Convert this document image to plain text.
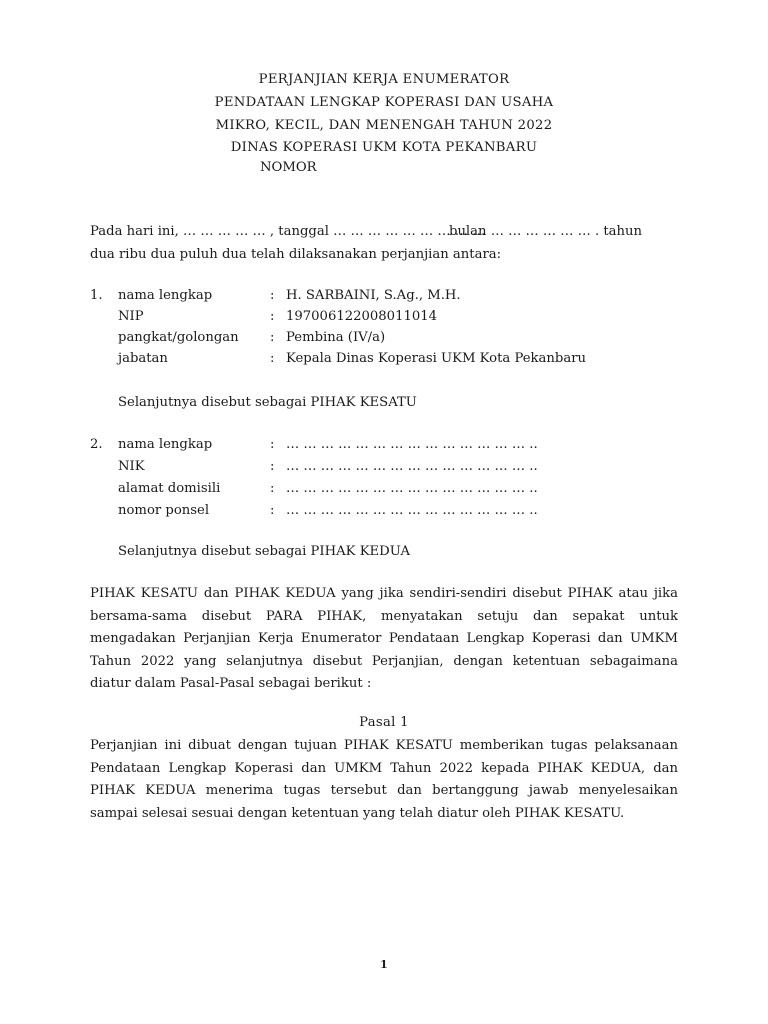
PERJANJIAN KERJA ENUMERATOR
PENDATAAN LENGKAP KOPERASI DAN USAHA
MIKRO, KECIL, DAN MENENGAH TAHUN 2022
DINAS KOPERASI UKM KOTA PEKANBARU
NOMOR
Pada hari ini, … … … … … , tanggal … … … … … … … … …
bulan … … … … … … . tahun
dua ribu dua puluh dua telah dilaksanakan perjanjian antara:
1. nama lengkap	: H. SARBAINI, S.Ag., M.H.
NIP	: 197006122008011014
pangkat/golongan : Pembina (IV/a)
jabatan	: Kepala Dinas Koperasi UKM Kota Pekanbaru
Selanjutnya disebut sebagai PIHAK KESATU
2. nama lengkap	: … … … … … … … … … … … … … … ..
NIK	: … … … … … … … … … … … … … … ..
alamat domisili	: … … … … … … … … … … … … … … ..
nomor ponsel	: … … … … … … … … … … … … … … ..
Selanjutnya disebut sebagai PIHAK KEDUA
PIHAK KESATU dan PIHAK KEDUA yang jika sendiri-sendiri disebut PIHAK atau jika bersama-sama disebut PARA PIHAK, menyatakan setuju dan sepakat untuk mengadakan Perjanjian Kerja Enumerator Pendataan Lengkap Koperasi dan UMKM Tahun 2022 yang selanjutnya disebut Perjanjian, dengan ketentuan sebagaimana diatur dalam Pasal-Pasal sebagai berikut :
Pasal 1
Perjanjian ini dibuat dengan tujuan PIHAK KESATU memberikan tugas pelaksanaan Pendataan Lengkap Koperasi dan UMKM Tahun 2022 kepada PIHAK KEDUA, dan PIHAK KEDUA menerima tugas tersebut dan bertanggung jawab menyelesaikan sampai selesai sesuai dengan ketentuan yang telah diatur oleh PIHAK KESATU.
1
